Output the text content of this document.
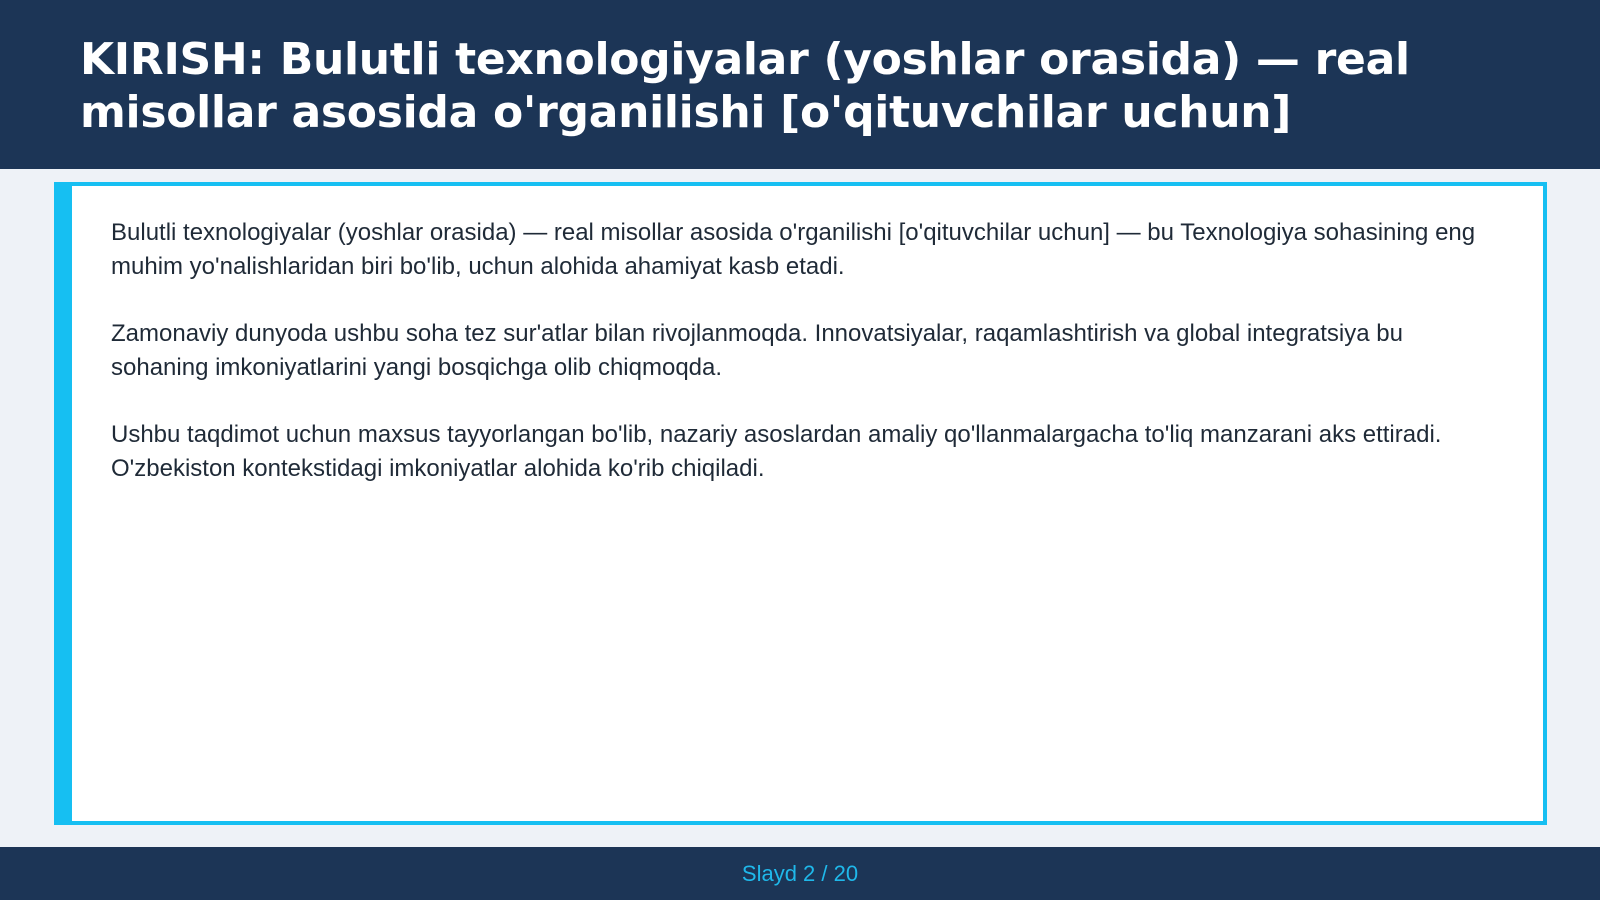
KIRISH: Bulutli texnologiyalar (yoshlar orasida) — real misollar asosida o'rganilishi [o'qituvchilar uchun]

Bulutli texnologiyalar (yoshlar orasida) — real misollar asosida o'rganilishi [o'qituvchilar uchun] — bu Texnologiya sohasining eng muhim yo'nalishlaridan biri bo'lib, uchun alohida ahamiyat kasb etadi.

Zamonaviy dunyoda ushbu soha tez sur'atlar bilan rivojlanmoqda. Innovatsiyalar, raqamlashtirish va global integratsiya bu sohaning imkoniyatlarini yangi bosqichga olib chiqmoqda.

Ushbu taqdimot uchun maxsus tayyorlangan bo'lib, nazariy asoslardan amaliy qo'llanmalargacha to'liq manzarani aks ettiradi. O'zbekiston kontekstidagi imkoniyatlar alohida ko'rib chiqiladi.

Slayd 2 / 20
